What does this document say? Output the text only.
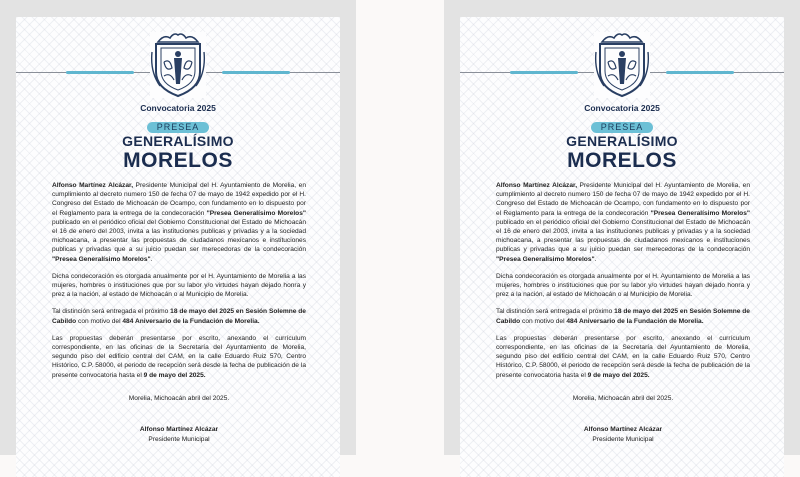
Convocatoria 2025
PRESEA
GENERALÍSIMO
MORELOS

Alfonso Martínez Alcázar, Presidente Municipal del H. Ayuntamiento de Morelia, en cumplimiento al decreto numero 150 de fecha 07 de mayo de 1942 expedido por el H. Congreso del Estado de Michoacán de Ocampo, con fundamento en lo dispuesto por el Reglamento para la entrega de la condecoración "Presea Generalísimo Morelos" publicado en el periódico oficial del Gobierno Constitucional del Estado de Michoacán el 16 de enero del 2003, invita a las instituciones publicas y privadas y a la sociedad michoacana, a presentar las propuestas de ciudadanos mexicanos e instituciones publicas y privadas que a su juicio puedan ser merecedoras de la condecoración "Presea Generalísimo Morelos".

Dicha condecoración es otorgada anualmente por el H. Ayuntamiento de Morelia a las mujeres, hombres o instituciones que por su labor y/o virtudes hayan dejado honra y prez a la nación, al estado de Michoacán o al Municipio de Morelia.

Tal distinción será entregada el próximo 18 de mayo del 2025 en Sesión Solemne de Cabildo con motivo del 484 Aniversario de la Fundación de Morelia.

Las propuestas deberán presentarse por escrito, anexando el currículum correspondiente, en las oficinas de la Secretaría del Ayuntamiento de Morelia, segundo piso del edificio central del CAM, en la calle Eduardo Ruiz 570, Centro Histórico, C.P. 58000, el periodo de recepción será desde la fecha de publicación de la presente convocatoria hasta el 9 de mayo del 2025.

Morelia, Michoacán abril del 2025.
Alfonso Martínez Alcázar
Presidente Municipal
Convocatoria 2025
PRESEA
GENERALÍSIMO
MORELOS

Alfonso Martínez Alcázar, Presidente Municipal del H. Ayuntamiento de Morelia, en cumplimiento al decreto numero 150 de fecha 07 de mayo de 1942 expedido por el H. Congreso del Estado de Michoacán de Ocampo, con fundamento en lo dispuesto por el Reglamento para la entrega de la condecoración "Presea Generalísimo Morelos" publicado en el periódico oficial del Gobierno Constitucional del Estado de Michoacán el 16 de enero del 2003, invita a las instituciones publicas y privadas y a la sociedad michoacana, a presentar las propuestas de ciudadanos mexicanos e instituciones publicas y privadas que a su juicio puedan ser merecedoras de la condecoración "Presea Generalísimo Morelos".

Dicha condecoración es otorgada anualmente por el H. Ayuntamiento de Morelia a las mujeres, hombres o instituciones que por su labor y/o virtudes hayan dejado honra y prez a la nación, al estado de Michoacán o al Municipio de Morelia.

Tal distinción será entregada el próximo 18 de mayo del 2025 en Sesión Solemne de Cabildo con motivo del 484 Aniversario de la Fundación de Morelia.

Las propuestas deberán presentarse por escrito, anexando el currículum correspondiente, en las oficinas de la Secretaría del Ayuntamiento de Morelia, segundo piso del edificio central del CAM, en la calle Eduardo Ruiz 570, Centro Histórico, C.P. 58000, el periodo de recepción será desde la fecha de publicación de la presente convocatoria hasta el 9 de mayo del 2025.

Morelia, Michoacán abril del 2025.
Alfonso Martínez Alcázar
Presidente Municipal
